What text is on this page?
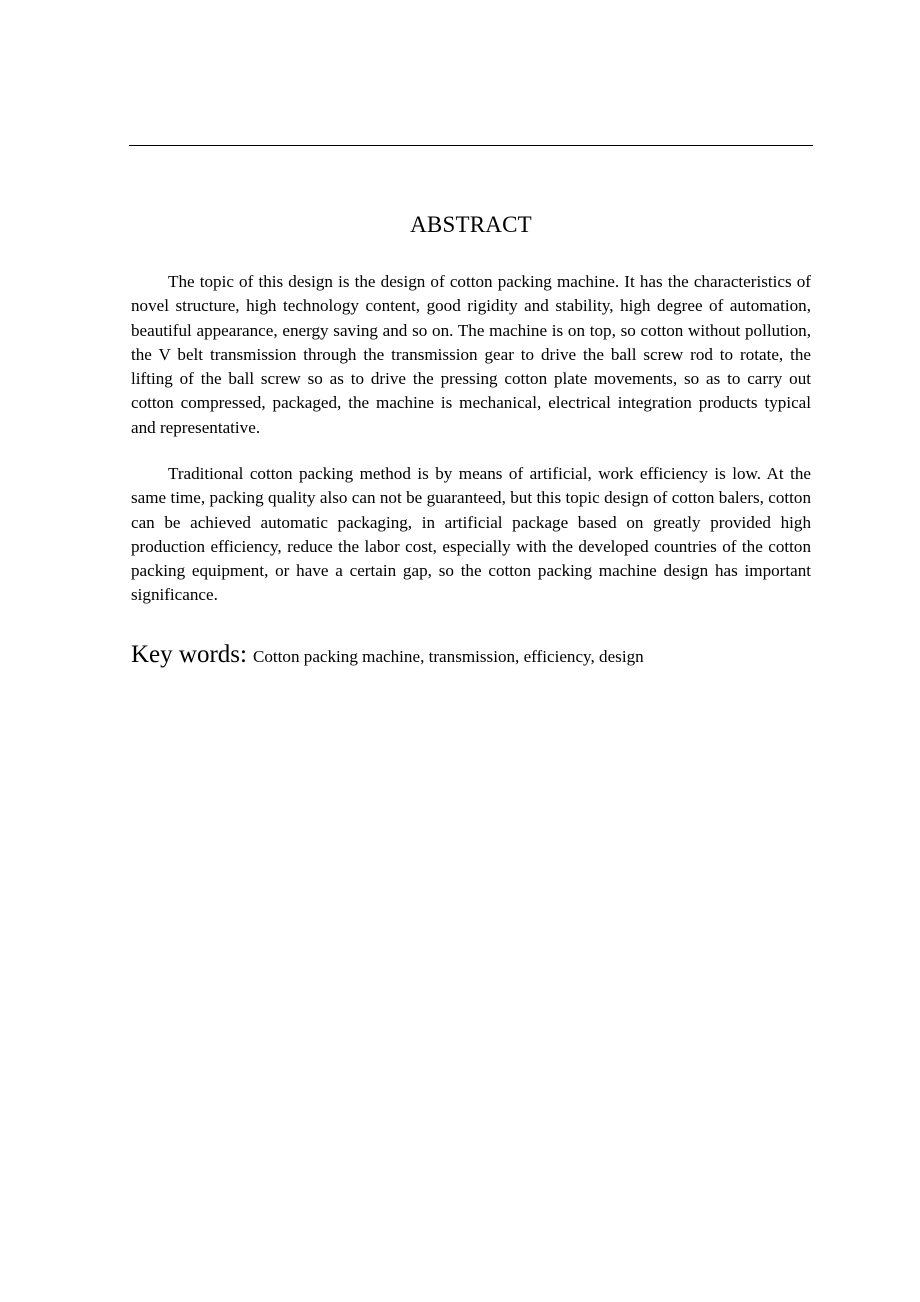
ABSTRACT

The topic of this design is the design of cotton packing machine. It has the characteristics of novel structure, high technology content, good rigidity and stability, high degree of automation, beautiful appearance, energy saving and so on. The machine is on top, so cotton without pollution, the V belt transmission through the transmission gear to drive the ball screw rod to rotate, the lifting of the ball screw so as to drive the pressing cotton plate movements, so as to carry out cotton compressed, packaged, the machine is mechanical, electrical integration products typical and representative.

Traditional cotton packing method is by means of artificial, work efficiency is low. At the same time, packing quality also can not be guaranteed, but this topic design of cotton balers, cotton can be achieved automatic packaging, in artificial package based on greatly provided high production efficiency, reduce the labor cost, especially with the developed countries of the cotton packing equipment, or have a certain gap, so the cotton packing machine design has important significance.

Key words: Cotton packing machine, transmission, efficiency, design
